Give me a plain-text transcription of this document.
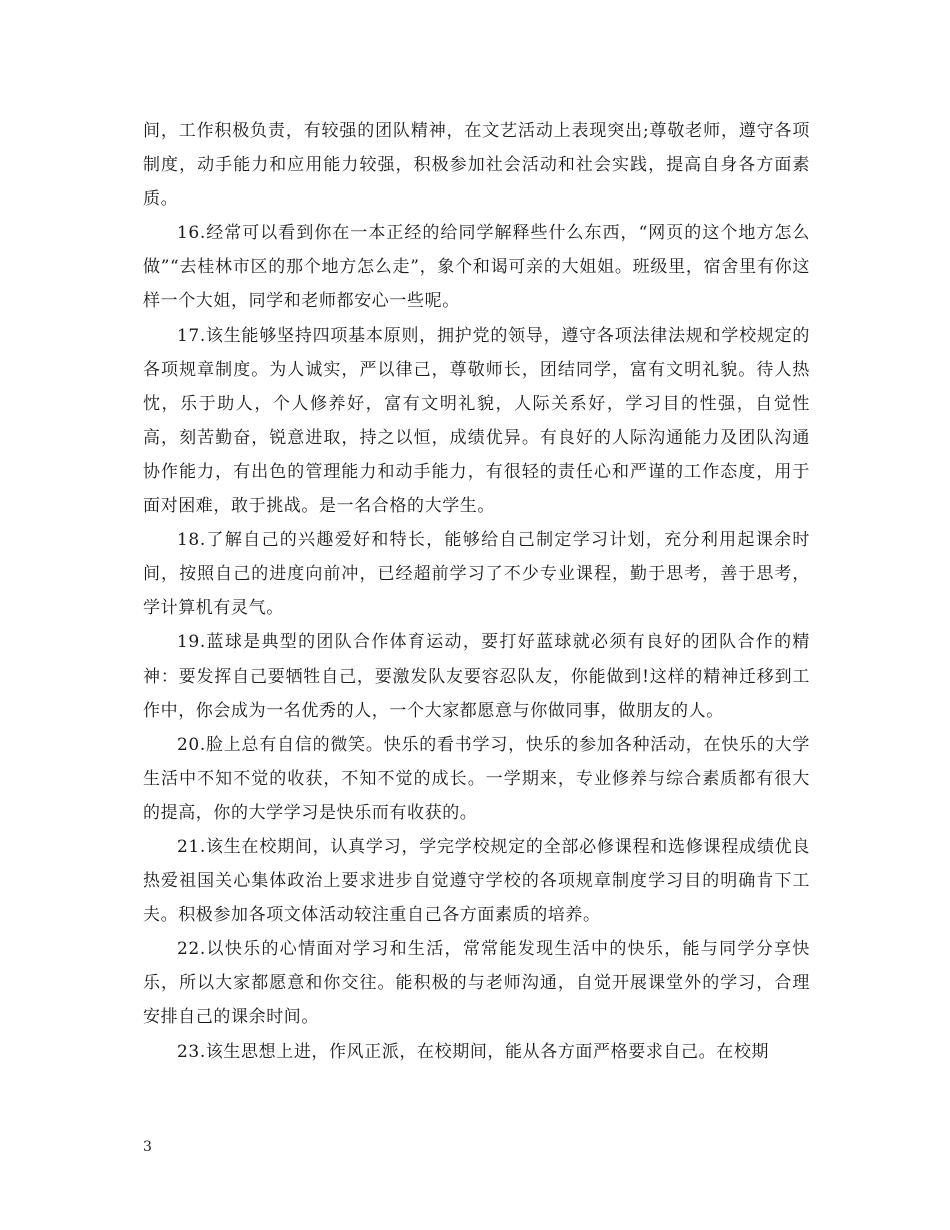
间，工作积极负责，有较强的团队精神，在文艺活动上表现突出;尊敬老师，遵守各项制度，动手能力和应用能力较强，积极参加社会活动和社会实践，提高自身各方面素质。

16.经常可以看到你在一本正经的给同学解释些什么东西，“网页的这个地方怎么做”“去桂林市区的那个地方怎么走”，象个和谒可亲的大姐姐。班级里，宿舍里有你这样一个大姐，同学和老师都安心一些呢。

17.该生能够坚持四项基本原则，拥护党的领导，遵守各项法律法规和学校规定的各项规章制度。为人诚实，严以律己，尊敬师长，团结同学，富有文明礼貌。待人热忱，乐于助人，个人修养好，富有文明礼貌，人际关系好，学习目的性强，自觉性高，刻苦勤奋，锐意进取，持之以恒，成绩优异。有良好的人际沟通能力及团队沟通协作能力，有出色的管理能力和动手能力，有很轻的责任心和严谨的工作态度，用于面对困难，敢于挑战。是一名合格的大学生。

18.了解自己的兴趣爱好和特长，能够给自己制定学习计划，充分利用起课余时间，按照自己的进度向前冲，已经超前学习了不少专业课程，勤于思考，善于思考，学计算机有灵气。

19.蓝球是典型的团队合作体育运动，要打好蓝球就必须有良好的团队合作的精神：要发挥自己要牺牲自己，要激发队友要容忍队友，你能做到!这样的精神迁移到工作中，你会成为一名优秀的人，一个大家都愿意与你做同事，做朋友的人。

20.脸上总有自信的微笑。快乐的看书学习，快乐的参加各种活动，在快乐的大学生活中不知不觉的收获，不知不觉的成长。一学期来，专业修养与综合素质都有很大的提高，你的大学学习是快乐而有收获的。

21.该生在校期间，认真学习，学完学校规定的全部必修课程和选修课程成绩优良热爱祖国关心集体政治上要求进步自觉遵守学校的各项规章制度学习目的明确肯下工夫。积极参加各项文体活动较注重自己各方面素质的培养。

22.以快乐的心情面对学习和生活，常常能发现生活中的快乐，能与同学分享快乐，所以大家都愿意和你交往。能积极的与老师沟通，自觉开展课堂外的学习，合理安排自己的课余时间。

23.该生思想上进，作风正派，在校期间，能从各方面严格要求自己。在校期

3
